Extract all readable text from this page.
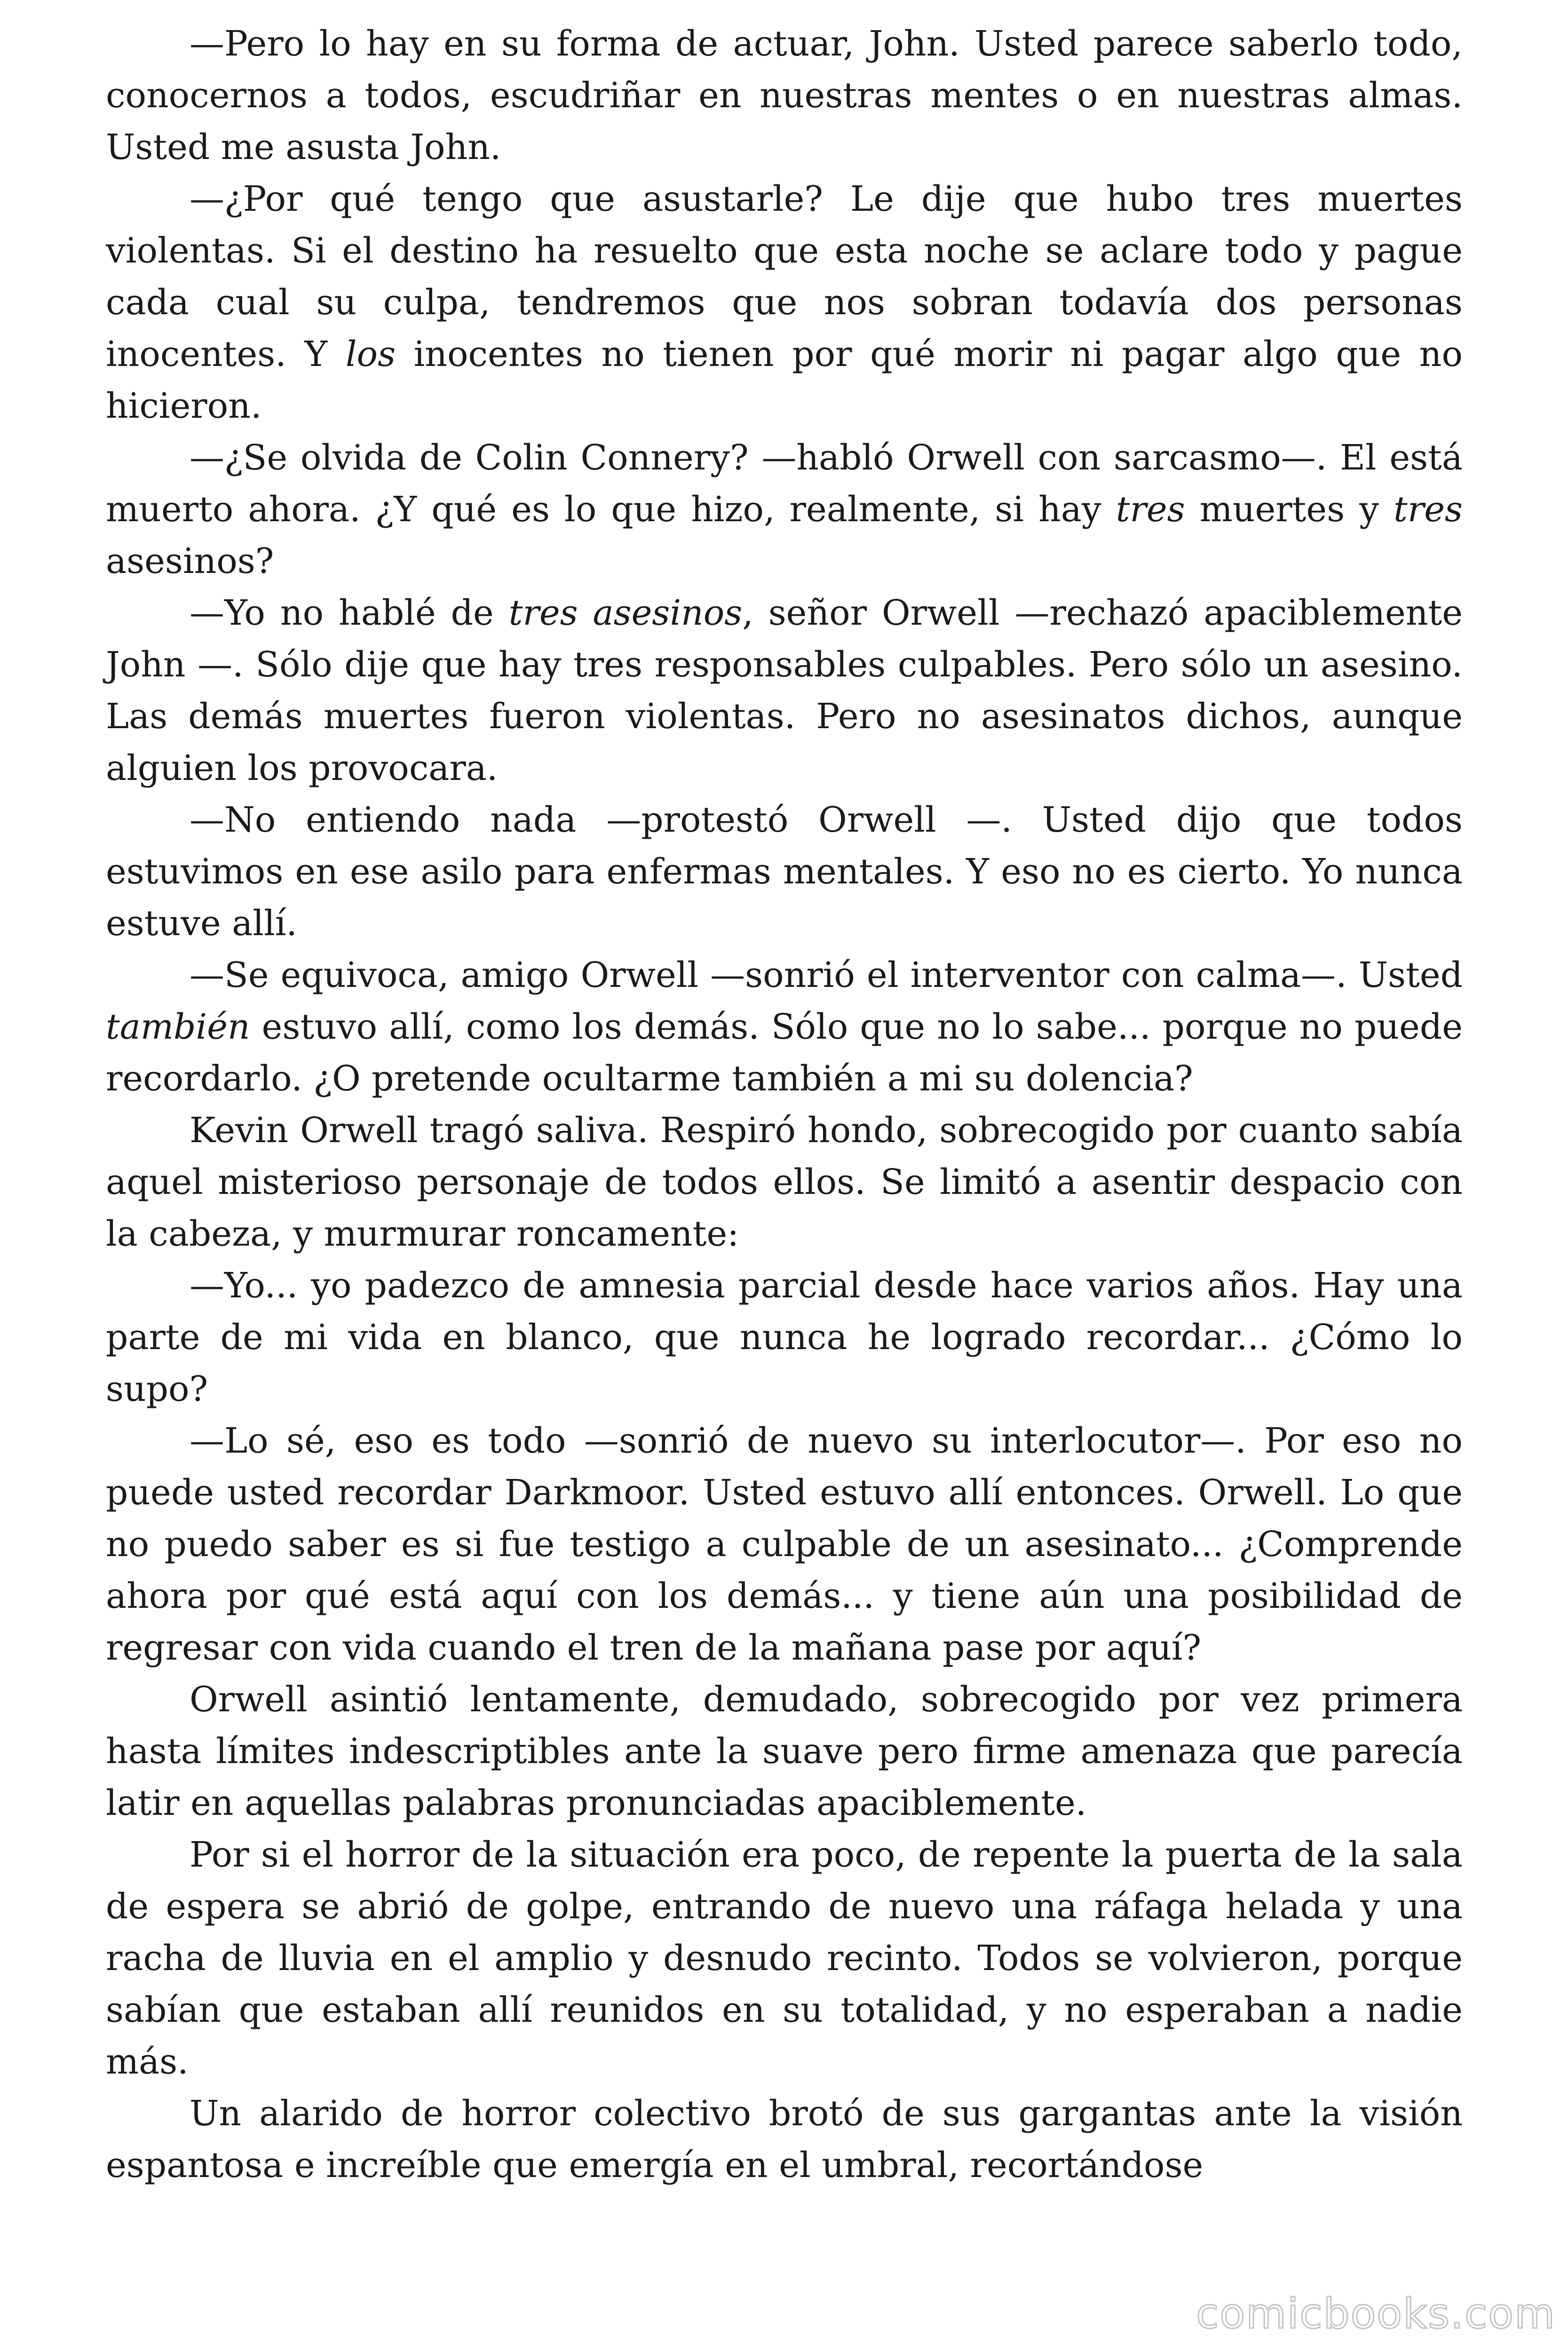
—Pero lo hay en su forma de actuar, John. Usted parece saberlo todo, conocernos a todos, escudriñar en nuestras mentes o en nuestras almas. Usted me asusta John.

—¿Por qué tengo que asustarle? Le dije que hubo tres muertes violentas. Si el destino ha resuelto que esta noche se aclare todo y pague cada cual su culpa, tendremos que nos sobran todavía dos personas inocentes. Y los inocentes no tienen por qué morir ni pagar algo que no hicieron.

—¿Se olvida de Colin Connery? —habló Orwell con sarcasmo—. El está muerto ahora. ¿Y qué es lo que hizo, realmente, si hay tres muertes y tres asesinos?

—Yo no hablé de tres asesinos, señor Orwell —rechazó apaciblemente John —. Sólo dije que hay tres responsables culpables. Pero sólo un asesino. Las demás muertes fueron violentas. Pero no asesinatos dichos, aunque alguien los provocara.

—No entiendo nada —protestó Orwell —. Usted dijo que todos estuvimos en ese asilo para enfermas mentales. Y eso no es cierto. Yo nunca estuve allí.

—Se equivoca, amigo Orwell —sonrió el interventor con calma—. Usted también estuvo allí, como los demás. Sólo que no lo sabe... porque no puede recordarlo. ¿O pretende ocultarme también a mi su dolencia?

Kevin Orwell tragó saliva. Respiró hondo, sobrecogido por cuanto sabía aquel misterioso personaje de todos ellos. Se limitó a asentir despacio con la cabeza, y murmurar roncamente:

—Yo... yo padezco de amnesia parcial desde hace varios años. Hay una parte de mi vida en blanco, que nunca he logrado recordar... ¿Cómo lo supo?

—Lo sé, eso es todo —sonrió de nuevo su interlocutor—. Por eso no puede usted recordar Darkmoor. Usted estuvo allí entonces. Orwell. Lo que no puedo saber es si fue testigo a culpable de un asesinato... ¿Comprende ahora por qué está aquí con los demás... y tiene aún una posibilidad de regresar con vida cuando el tren de la mañana pase por aquí?

Orwell asintió lentamente, demudado, sobrecogido por vez primera hasta límites indescriptibles ante la suave pero firme amenaza que parecía latir en aquellas palabras pronunciadas apaciblemente.

Por si el horror de la situación era poco, de repente la puerta de la sala de espera se abrió de golpe, entrando de nuevo una ráfaga helada y una racha de lluvia en el amplio y desnudo recinto. Todos se volvieron, porque sabían que estaban allí reunidos en su totalidad, y no esperaban a nadie más.

Un alarido de horror colectivo brotó de sus gargantas ante la visión espantosa e increíble que emergía en el umbral, recortándose

comicbooks.com
